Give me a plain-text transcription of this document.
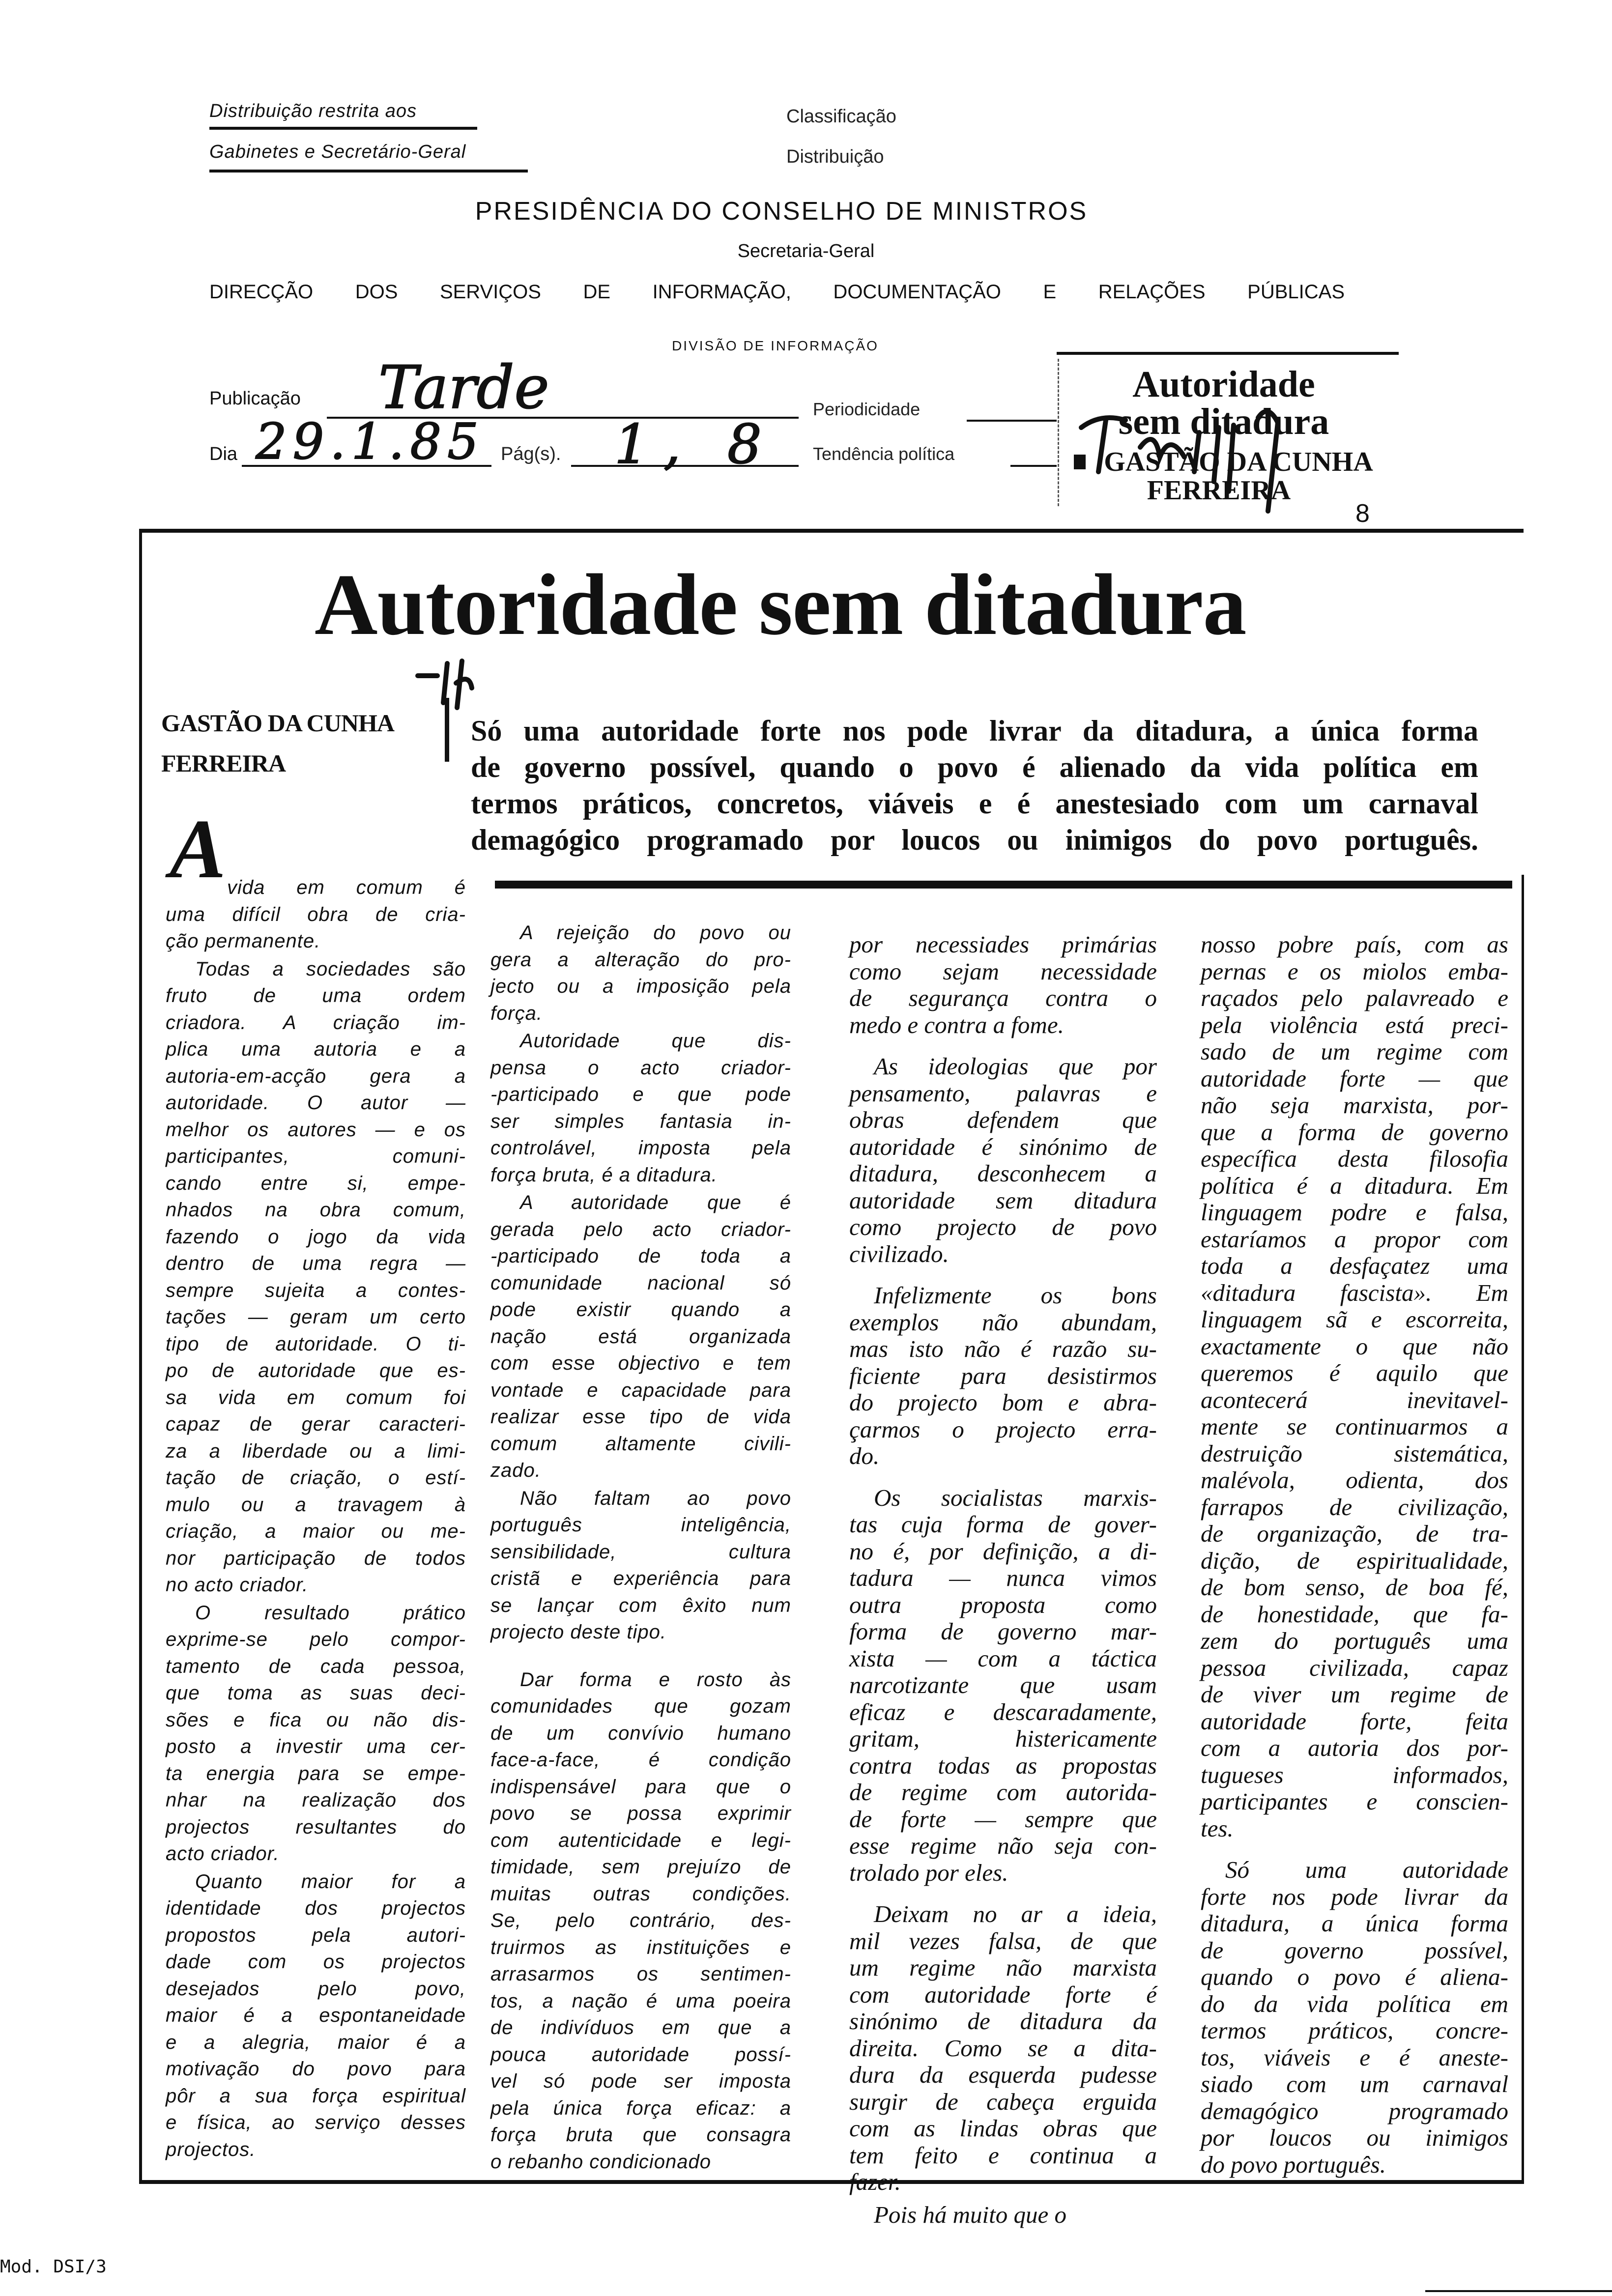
Distribuição restrita aos
Gabinetes e Secretário-Geral
Classificação
Distribuição
PRESIDÊNCIA DO CONSELHO DE MINISTROS
Secretaria-Geral
DIRECÇÃO DOS SERVIÇOS DE INFORMAÇÃO, DOCUMENTAÇÃO E RELAÇÕES PÚBLICAS
DIVISÃO DE INFORMAÇÃO
Publicação Tarde	Periodicidade
Dia 29.1.85 Pág(s). 1, 8 Tendência política
Autoridade
sem ditadura
GASTÃO DA CUNHA
FERREIRA
8
Autoridade sem ditadura
GASTÃO DA CUNHA
FERREIRA
Só uma autoridade forte nos pode livrar da ditadura, a única forma
de governo possível, quando o povo é alienado da vida política em
termos práticos, concretos, viáveis e é anestesiado com um carnaval
demagógico programado por loucos ou inimigos do povo português.
A vida em comum é
uma difícil obra de cria-
ção permanente.
Todas a sociedades são
fruto de uma ordem
criadora. A criação im-
plica uma autoria e a
autoria-em-acção gera a
autoridade. O autor —
melhor os autores — e os
participantes, comuni-
cando entre si, empe-
nhados na obra comum,
fazendo o jogo da vida
dentro de uma regra —
sempre sujeita a contes-
tações — geram um certo
tipo de autoridade. O ti-
po de autoridade que es-
sa vida em comum foi
capaz de gerar caracteri-
za a liberdade ou a limi-
tação de criação, o estí-
mulo ou a travagem à
criação, a maior ou me-
nor participação de todos
no acto criador.
O resultado prático
exprime-se pelo compor-
tamento de cada pessoa,
que toma as suas deci-
sões e fica ou não dis-
posto a investir uma cer-
ta energia para se empe-
nhar na realização dos
projectos resultantes do
acto criador.
Quanto maior for a
identidade dos projectos
propostos pela autori-
dade com os projectos
desejados pelo povo,
maior é a espontaneidade
e a alegria, maior é a
motivação do povo para
pôr a sua força espiritual
e física, ao serviço desses
projectos.
A rejeição do povo ou
gera a alteração do pro-
jecto ou a imposição pela
força.
Autoridade que dis-
pensa o acto criador-
-participado e que pode
ser simples fantasia in-
controlável, imposta pela
força bruta, é a ditadura.
A autoridade que é
gerada pelo acto criador-
-participado de toda a
comunidade nacional só
pode existir quando a
nação está organizada
com esse objectivo e tem
vontade e capacidade para
realizar esse tipo de vida
comum altamente civili-
zado.
Não faltam ao povo
português inteligência,
sensibilidade, cultura
cristã e experiência para
se lançar com êxito num
projecto deste tipo.
Dar forma e rosto às
comunidades que gozam
de um convívio humano
face-a-face, é condição
indispensável para que o
povo se possa exprimir
com autenticidade e legi-
timidade, sem prejuízo de
muitas outras condições.
Se, pelo contrário, des-
truirmos as instituições e
arrasarmos os sentimen-
tos, a nação é uma poeira
de indivíduos em que a
pouca autoridade possí-
vel só pode ser imposta
pela única força eficaz: a
força bruta que consagra
o rebanho condicionado
por necessiades primárias
como sejam necessidade
de segurança contra o
medo e contra a fome.
As ideologias que por
pensamento, palavras e
obras defendem que
autoridade é sinónimo de
ditadura, desconhecem a
autoridade sem ditadura
como projecto de povo
civilizado.
Infelizmente os bons
exemplos não abundam,
mas isto não é razão su-
ficiente para desistirmos
do projecto bom e abra-
çarmos o projecto erra-
do.
Os socialistas marxis-
tas cuja forma de gover-
no é, por definição, a di-
tadura — nunca vimos
outra proposta como
forma de governo mar-
xista — com a táctica
narcotizante que usam
eficaz e descaradamente,
gritam, histericamente
contra todas as propostas
de regime com autorida-
de forte — sempre que
esse regime não seja con-
trolado por eles.
Deixam no ar a ideia,
mil vezes falsa, de que
um regime não marxista
com autoridade forte é
sinónimo de ditadura da
direita. Como se a dita-
dura da esquerda pudesse
surgir de cabeça erguida
com as lindas obras que
tem feito e continua a
fazer.
Pois há muito que o
nosso pobre país, com as
pernas e os miolos emba-
raçados pelo palavreado e
pela violência está preci-
sado de um regime com
autoridade forte — que
não seja marxista, por-
que a forma de governo
específica desta filosofia
política é a ditadura. Em
linguagem podre e falsa,
estaríamos a propor com
toda a desfaçatez uma
«ditadura fascista». Em
linguagem sã e escorreita,
exactamente o que não
queremos é aquilo que
acontecerá inevitavel-
mente se continuarmos a
destruição sistemática,
malévola, odienta, dos
farrapos de civilização,
de organização, de tra-
dição, de espiritualidade,
de bom senso, de boa fé,
de honestidade, que fa-
zem do português uma
pessoa civilizada, capaz
de viver um regime de
autoridade forte, feita
com a autoria dos por-
tugueses informados,
participantes e conscien-
tes.
Só uma autoridade
forte nos pode livrar da
ditadura, a única forma
de governo possível,
quando o povo é aliena-
do da vida política em
termos práticos, concre-
tos, viáveis e é aneste-
siado com um carnaval
demagógico programado
por loucos ou inimigos
do povo português.
Mod. DSI/3
